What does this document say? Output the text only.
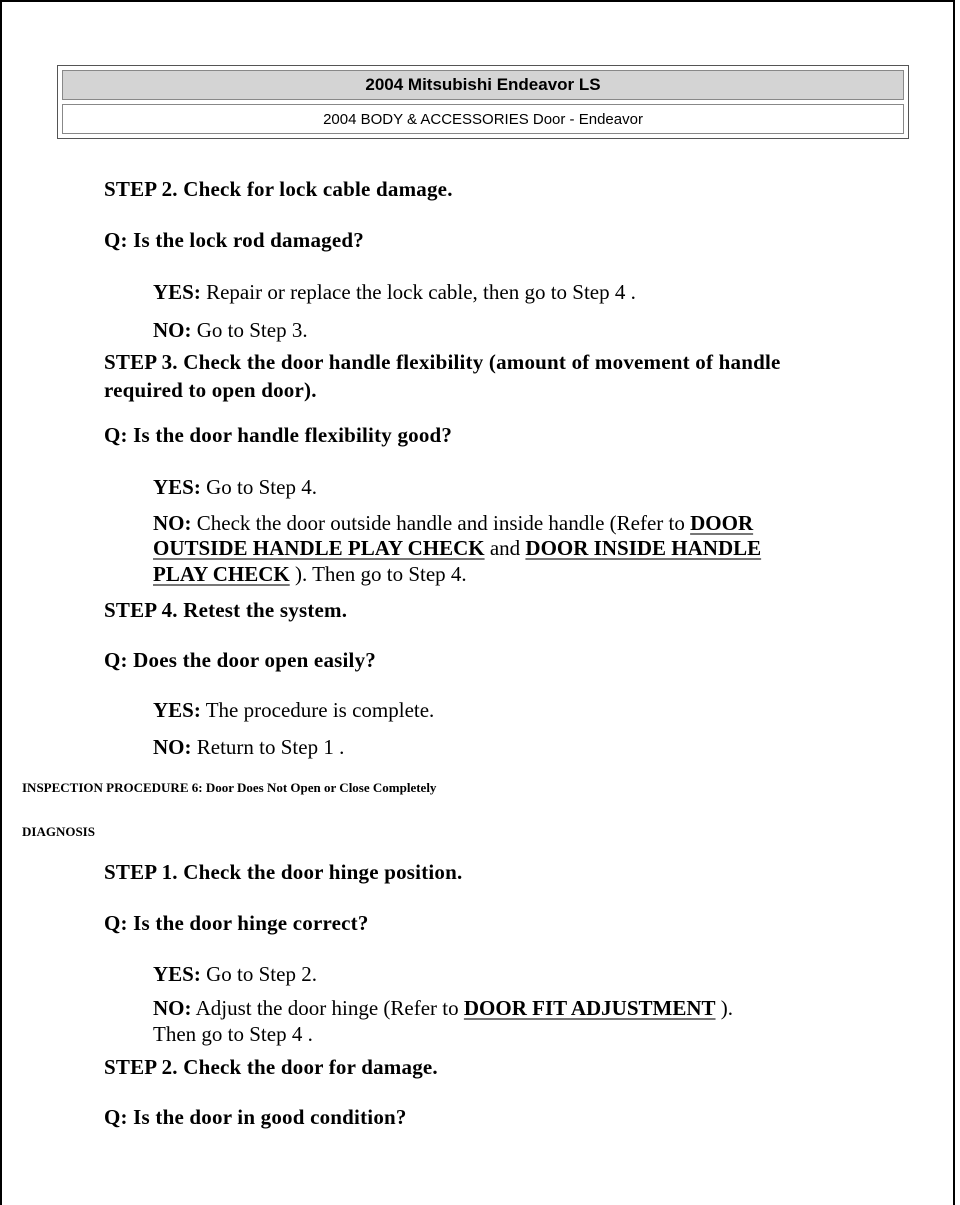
2004 Mitsubishi Endeavor LS
2004 BODY & ACCESSORIES Door - Endeavor
STEP 2. Check for lock cable damage.
Q: Is the lock rod damaged?
YES: Repair or replace the lock cable, then go to Step 4 .
NO: Go to Step 3.
STEP 3. Check the door handle flexibility (amount of movement of handle
required to open door).
Q: Is the door handle flexibility good?
YES: Go to Step 4.
NO: Check the door outside handle and inside handle (Refer to DOOR
OUTSIDE HANDLE PLAY CHECK and DOOR INSIDE HANDLE
PLAY CHECK ). Then go to Step 4.
STEP 4. Retest the system.
Q: Does the door open easily?
YES: The procedure is complete.
NO: Return to Step 1 .
INSPECTION PROCEDURE 6: Door Does Not Open or Close Completely
DIAGNOSIS
STEP 1. Check the door hinge position.
Q: Is the door hinge correct?
YES: Go to Step 2.
NO: Adjust the door hinge (Refer to DOOR FIT ADJUSTMENT ).
Then go to Step 4 .
STEP 2. Check the door for damage.
Q: Is the door in good condition?
